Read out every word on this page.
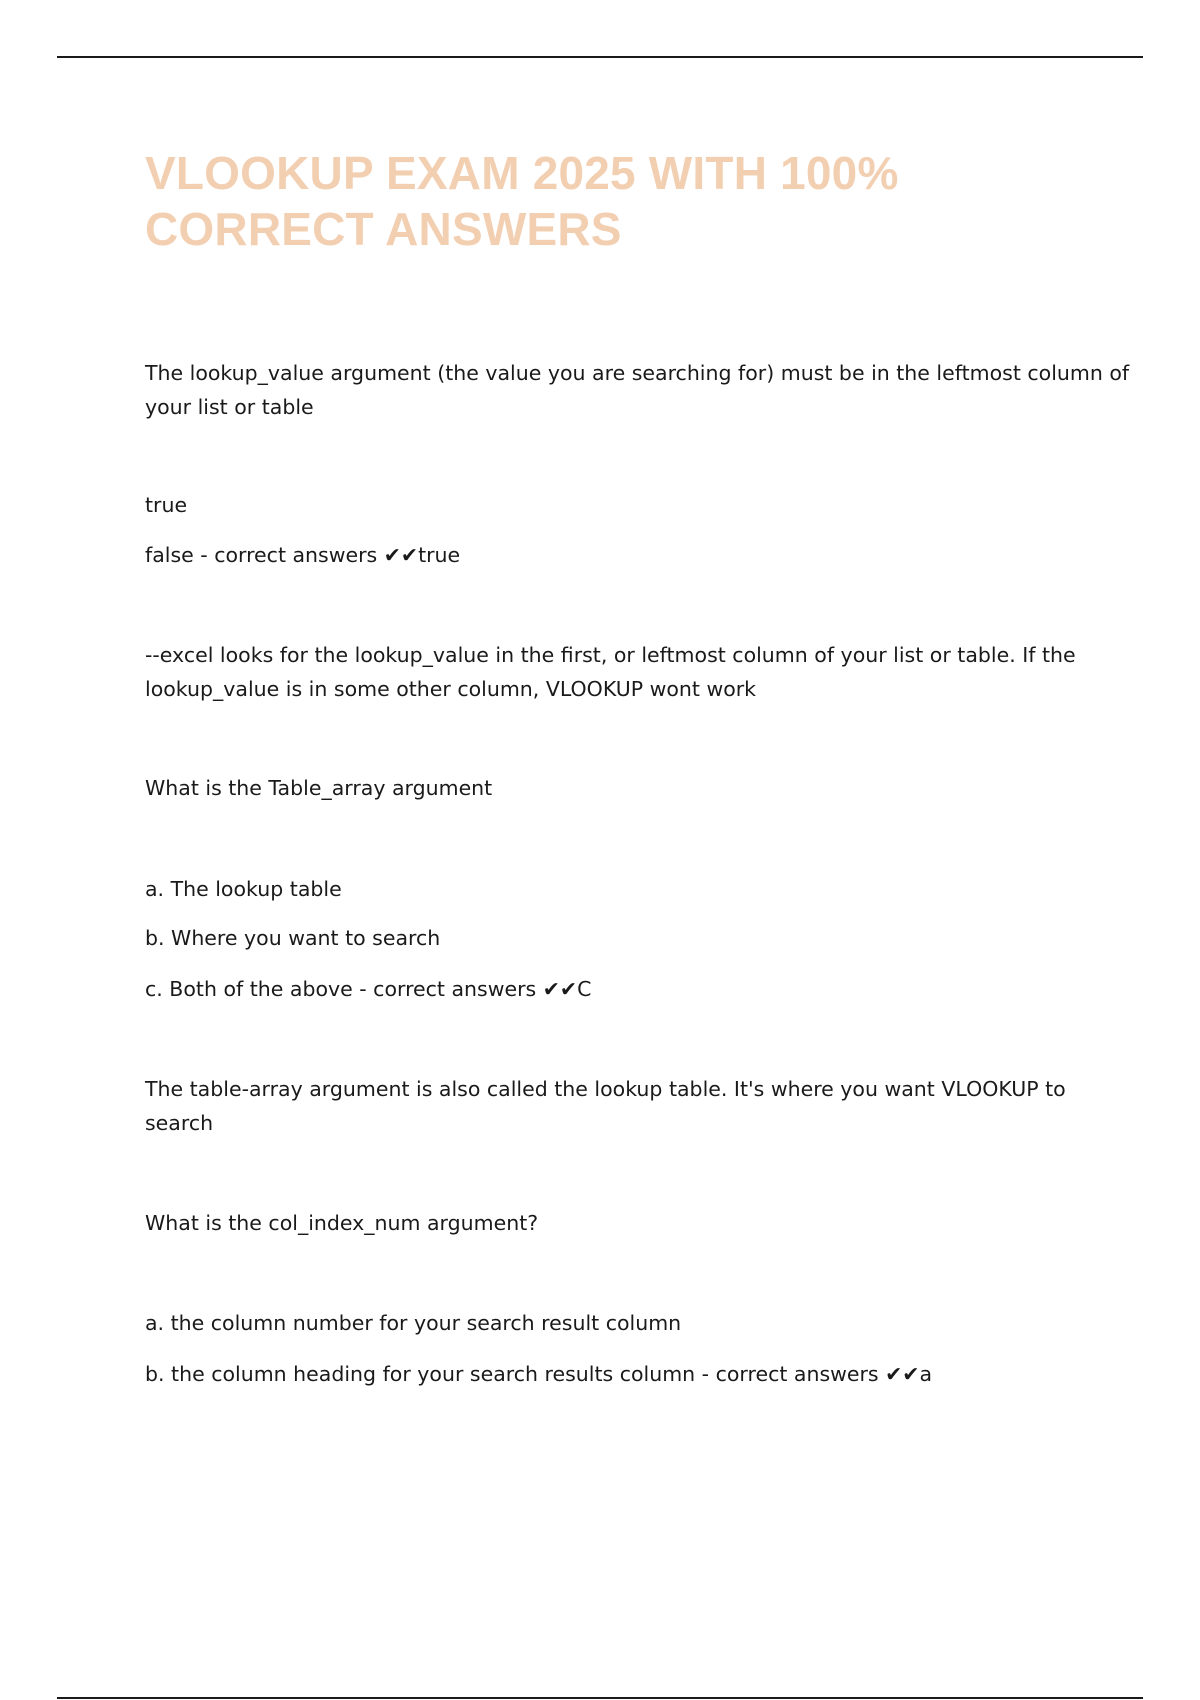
VLOOKUP EXAM 2025 WITH 100%
CORRECT ANSWERS

The lookup_value argument (the value you are searching for) must be in the leftmost column of
your list or table

true

false - correct answers ✔✔true

--excel looks for the lookup_value in the first, or leftmost column of your list or table. If the
lookup_value is in some other column, VLOOKUP wont work

What is the Table_array argument

a. The lookup table

b. Where you want to search

c. Both of the above - correct answers ✔✔C

The table-array argument is also called the lookup table. It's where you want VLOOKUP to
search

What is the col_index_num argument?

a. the column number for your search result column

b. the column heading for your search results column - correct answers ✔✔a
